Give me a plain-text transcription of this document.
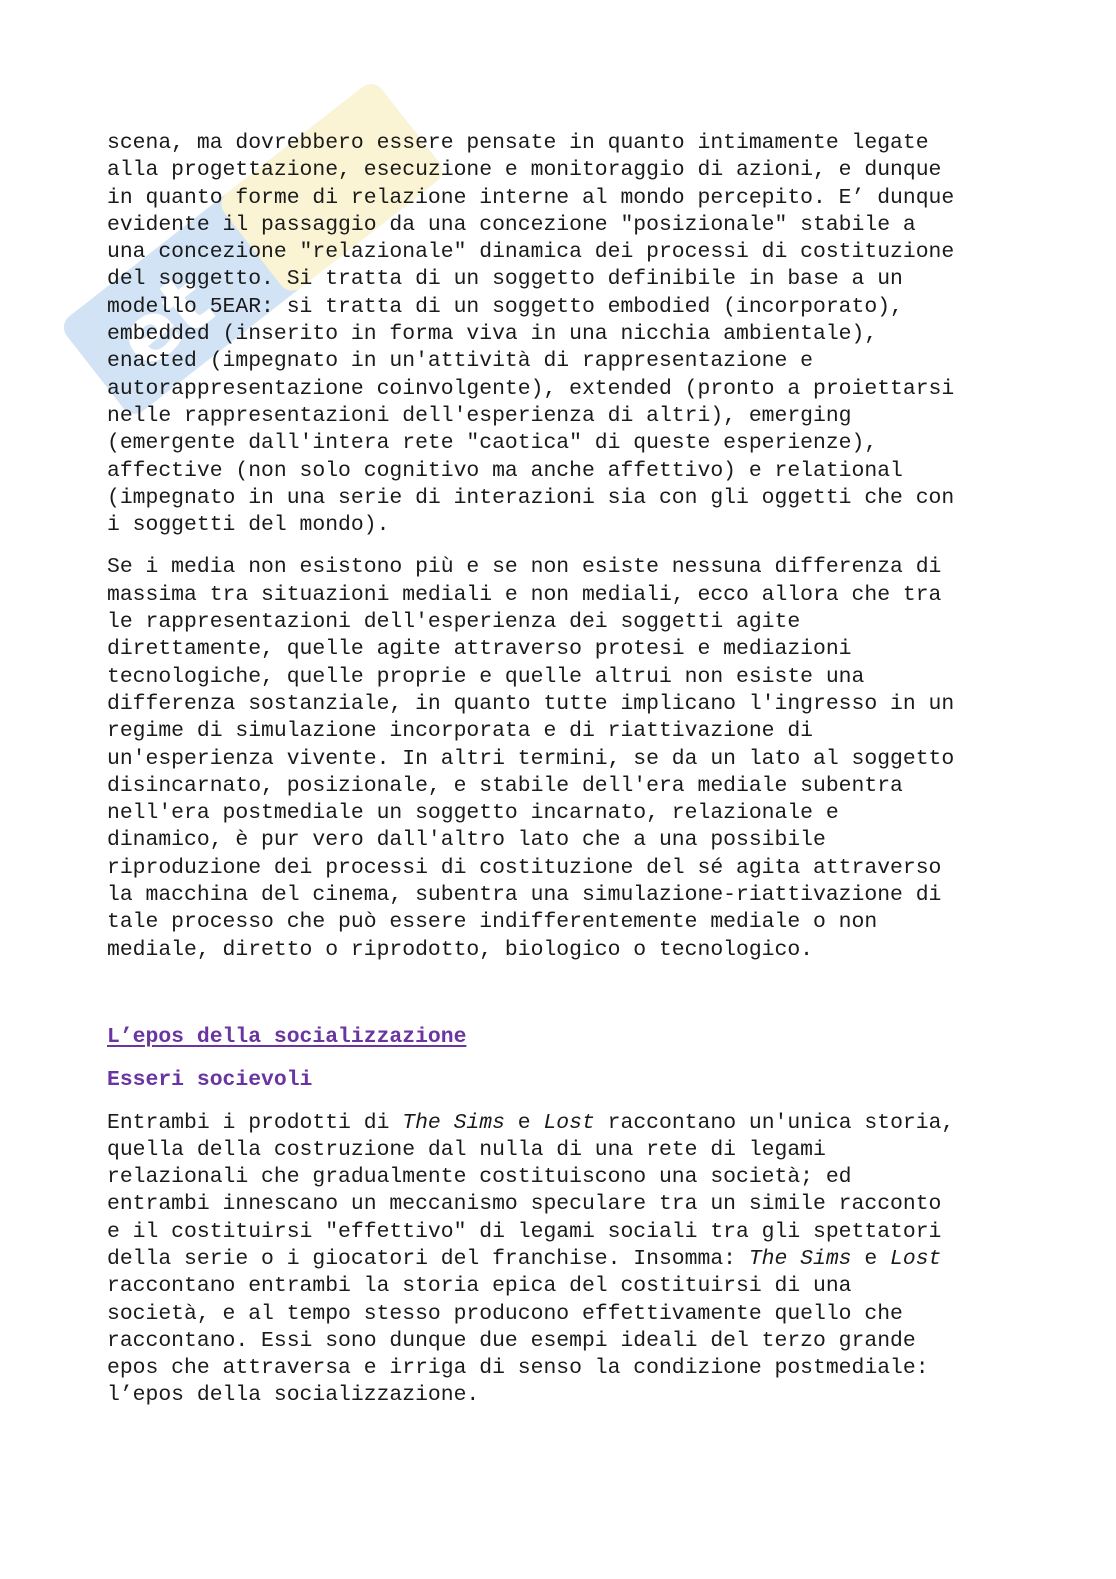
et

scena, ma dovrebbero essere pensate in quanto intimamente legate
alla progettazione, esecuzione e monitoraggio di azioni, e dunque
in quanto forme di relazione interne al mondo percepito. E’ dunque
evidente il passaggio da una concezione "posizionale" stabile a
una concezione "relazionale" dinamica dei processi di costituzione
del soggetto. Si tratta di un soggetto definibile in base a un
modello 5EAR: si tratta di un soggetto embodied (incorporato),
embedded (inserito in forma viva in una nicchia ambientale),
enacted (impegnato in un'attività di rappresentazione e
autorappresentazione coinvolgente), extended (pronto a proiettarsi
nelle rappresentazioni dell'esperienza di altri), emerging
(emergente dall'intera rete "caotica" di queste esperienze),
affective (non solo cognitivo ma anche affettivo) e relational
(impegnato in una serie di interazioni sia con gli oggetti che con
i soggetti del mondo).

Se i media non esistono più e se non esiste nessuna differenza di
massima tra situazioni mediali e non mediali, ecco allora che tra
le rappresentazioni dell'esperienza dei soggetti agite
direttamente, quelle agite attraverso protesi e mediazioni
tecnologiche, quelle proprie e quelle altrui non esiste una
differenza sostanziale, in quanto tutte implicano l'ingresso in un
regime di simulazione incorporata e di riattivazione di
un'esperienza vivente. In altri termini, se da un lato al soggetto
disincarnato, posizionale, e stabile dell'era mediale subentra
nell'era postmediale un soggetto incarnato, relazionale e
dinamico, è pur vero dall'altro lato che a una possibile
riproduzione dei processi di costituzione del sé agita attraverso
la macchina del cinema, subentra una simulazione-riattivazione di
tale processo che può essere indifferentemente mediale o non
mediale, diretto o riprodotto, biologico o tecnologico.

L’epos della socializzazione

Esseri socievoli

Entrambi i prodotti di The Sims e Lost raccontano un'unica storia,
quella della costruzione dal nulla di una rete di legami
relazionali che gradualmente costituiscono una società; ed
entrambi innescano un meccanismo speculare tra un simile racconto
e il costituirsi "effettivo" di legami sociali tra gli spettatori
della serie o i giocatori del franchise. Insomma: The Sims e Lost
raccontano entrambi la storia epica del costituirsi di una
società, e al tempo stesso producono effettivamente quello che
raccontano. Essi sono dunque due esempi ideali del terzo grande
epos che attraversa e irriga di senso la condizione postmediale:
l’epos della socializzazione.
